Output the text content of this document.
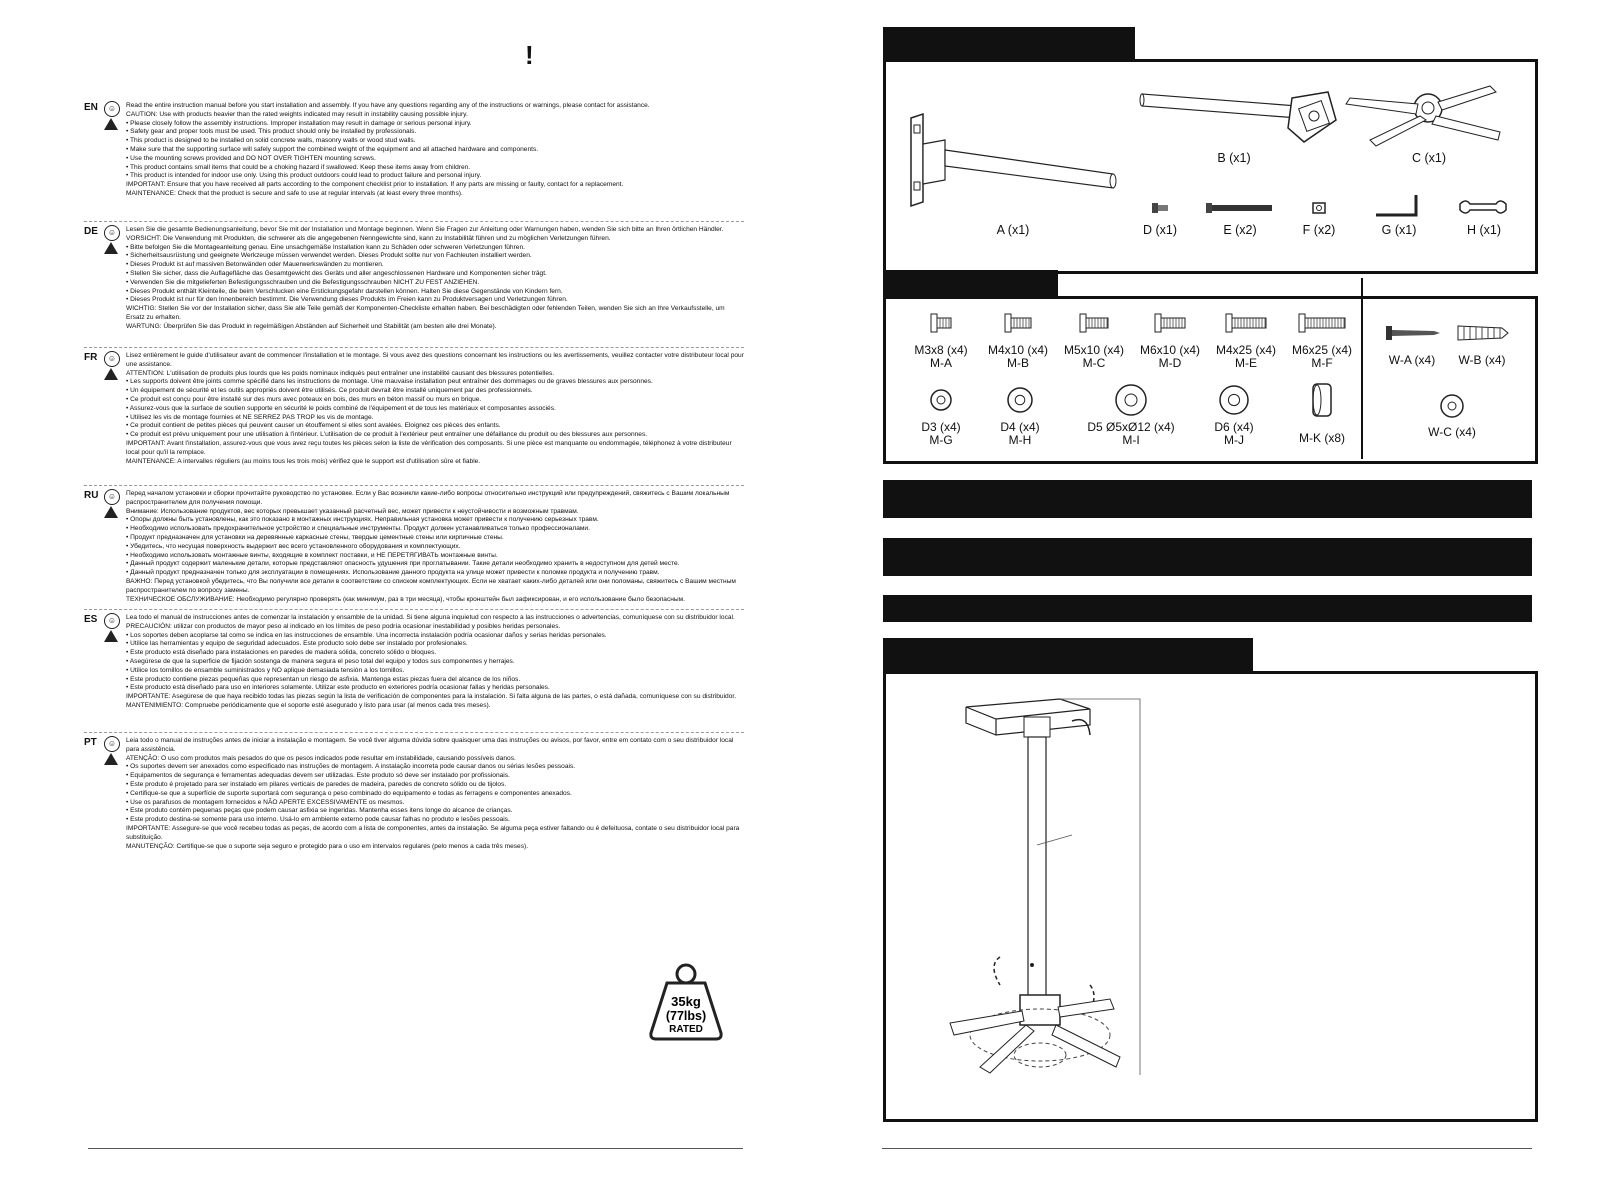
!
EN	☺	Read the entire instruction manual before you start installation and assembly. If you have any questions regarding any of the instructions or warnings, please contact for assistance.

CAUTION: Use with products heavier than the rated weights indicated may result in instability causing possible injury.

• Please closely follow the assembly instructions. Improper installation may result in damage or serious personal injury.

• Safety gear and proper tools must be used. This product should only be installed by professionals.

• This product is designed to be installed on solid concrete walls, masonry walls or wood stud walls.

• Make sure that the supporting surface will safely support the combined weight of the equipment and all attached hardware and components.

• Use the mounting screws provided and DO NOT OVER TIGHTEN mounting screws.

• This product contains small items that could be a choking hazard if swallowed. Keep these items away from children.

• This product is intended for indoor use only. Using this product outdoors could lead to product failure and personal injury.

IMPORTANT: Ensure that you have received all parts according to the component checklist prior to installation. If any parts are missing or faulty, contact for a replacement.

MAINTENANCE: Check that the product is secure and safe to use at regular intervals (at least every three months).

DE	☺	Lesen Sie die gesamte Bedienungsanleitung, bevor Sie mit der Installation und Montage beginnen. Wenn Sie Fragen zur Anleitung oder Warnungen haben, wenden Sie sich bitte an Ihren örtlichen Händler.

VORSICHT: Die Verwendung mit Produkten, die schwerer als die angegebenen Nenngewichte sind, kann zu Instabilität führen und zu möglichen Verletzungen führen.

• Bitte befolgen Sie die Montageanleitung genau. Eine unsachgemäße Installation kann zu Schäden oder schweren Verletzungen führen.

• Sicherheitsausrüstung und geeignete Werkzeuge müssen verwendet werden. Dieses Produkt sollte nur von Fachleuten installiert werden.

• Dieses Produkt ist auf massiven Betonwänden oder Mauerwerkswänden zu montieren.

• Stellen Sie sicher, dass die Auflagefläche das Gesamtgewicht des Geräts und aller angeschlossenen Hardware und Komponenten sicher trägt.

• Verwenden Sie die mitgelieferten Befestigungsschrauben und die Befestigungsschrauben NICHT ZU FEST ANZIEHEN.

• Dieses Produkt enthält Kleinteile, die beim Verschlucken eine Erstickungsgefahr darstellen können. Halten Sie diese Gegenstände von Kindern fern.

• Dieses Produkt ist nur für den Innenbereich bestimmt. Die Verwendung dieses Produkts im Freien kann zu Produktversagen und Verletzungen führen.

WICHTIG: Stellen Sie vor der Installation sicher, dass Sie alle Teile gemäß der Komponenten-Checkliste erhalten haben. Bei beschädigten oder fehlenden Teilen, wenden Sie sich an Ihre Verkaufsstelle, um Ersatz zu erhalten.

WARTUNG: Überprüfen Sie das Produkt in regelmäßigen Abständen auf Sicherheit und Stabilität (am besten alle drei Monate).

FR	☺	Lisez entièrement le guide d'utilisateur avant de commencer l'installation et le montage. Si vous avez des questions concernant les instructions ou les avertissements, veuillez contacter votre distributeur local pour une assistance.

ATTENTION: L'utilisation de produits plus lourds que les poids nominaux indiqués peut entraîner une instabilité causant des blessures potentielles.

• Les supports doivent être joints comme spécifié dans les instructions de montage. Une mauvaise installation peut entraîner des dommages ou de graves blessures aux personnes.

• Un équipement de sécurité et les outils appropriés doivent être utilisés. Ce produit devrait être installé uniquement par des professionnels.

• Ce produit est conçu pour être installé sur des murs avec poteaux en bois, des murs en béton massif ou murs en brique.

• Assurez-vous que la surface de soutien supporte en sécurité le poids combiné de l'équipement et de tous les matériaux et composantes associés.

• Utilisez les vis de montage fournies et NE SERREZ PAS TROP les vis de montage.

• Ce produit contient de petites pièces qui peuvent causer un étouffement si elles sont avalées. Eloignez ces pièces des enfants.

• Ce produit est prévu uniquement pour une utilisation à l'intérieur. L'utilisation de ce produit à l'extérieur peut entraîner une défaillance du produit ou des blessures aux personnes.

IMPORTANT: Avant l'installation, assurez-vous que vous avez reçu toutes les pièces selon la liste de vérification des composants. Si une pièce est manquante ou endommagée, téléphonez à votre distributeur local pour qu'il la remplace.

MAINTENANCE: A intervalles réguliers (au moins tous les trois mois) vérifiez que le support est d'utilisation sûre et fiable.

RU	☺	Перед началом установки и сборки прочитайте руководство по установке. Если у Вас возникли какие-либо вопросы относительно инструкций или предупреждений, свяжитесь с Вашим локальным распространителем для получения помощи.

Внимание: Использование продуктов, вес которых превышает указанный расчетный вес, может привести к неустойчивости и возможным травмам.

• Опоры должны быть установлены, как это показано в монтажных инструкциях. Неправильная установка может привести к получению серьезных травм.

• Необходимо использовать предохранительное устройство и специальные инструменты. Продукт должен устанавливаться только профессионалами.

• Продукт предназначен для установки на деревянные каркасные стены, твердые цементные стены или кирпичные стены.

• Убедитесь, что несущая поверхность выдержит вес всего установленного оборудования и комплектующих.

• Необходимо использовать монтажные винты, входящие в комплект поставки, и НЕ ПЕРЕТЯГИВАТЬ монтажные винты.

• Данный продукт содержит маленькие детали, которые представляют опасность удушения при проглатывании. Такие детали необходимо хранить в недоступном для детей месте.

• Данный продукт предназначен только для эксплуатации в помещениях. Использование данного продукта на улице может привести к поломке продукта и получению травм.

ВАЖНО: Перед установкой убедитесь, что Вы получили все детали в соответствии со списком комплектующих. Если не хватает каких-либо деталей или они поломаны, свяжитесь с Вашим местным распространителем по вопросу замены.

ТЕХНИЧЕСКОЕ ОБСЛУЖИВАНИЕ: Необходимо регулярно проверять (как минимум, раз в три месяца), чтобы кронштейн был зафиксирован, и его использование было безопасным.

ES	☺	Lea todo el manual de instrucciones antes de comenzar la instalación y ensamble de la unidad. Si tiene alguna inquietud con respecto a las instrucciones o advertencias, comuníquese con su distribuidor local.

PRECAUCIÓN: utilizar con productos de mayor peso al indicado en los límites de peso podría ocasionar inestabilidad y posibles heridas personales.

• Los soportes deben acoplarse tal como se indica en las instrucciones de ensamble. Una incorrecta instalación podría ocasionar daños y serias heridas personales.

• Utilice las herramientas y equipo de seguridad adecuados. Este producto solo debe ser instalado por profesionales.

• Este producto está diseñado para instalaciones en paredes de madera sólida, concreto sólido o bloques.

• Asegúrese de que la superficie de fijación sostenga de manera segura el peso total del equipo y todos sus componentes y herrajes.

• Utilice los tornillos de ensamble suministrados y NO aplique demasiada tensión a los tornillos.

• Este producto contiene piezas pequeñas que representan un riesgo de asfixia. Mantenga estas piezas fuera del alcance de los niños.

• Este producto está diseñado para uso en interiores solamente. Utilizar este producto en exteriores podría ocasionar fallas y heridas personales.

IMPORTANTE: Asegúrese de que haya recibido todas las piezas según la lista de verificación de componentes para la instalación. Si falta alguna de las partes, o está dañada, comuníquese con su distribuidor.

MANTENIMIENTO: Compruebe periódicamente que el soporte esté asegurado y listo para usar (al menos cada tres meses).

PT	☺	Leia todo o manual de instruções antes de iniciar a instalação e montagem. Se você tiver alguma dúvida sobre quaisquer uma das instruções ou avisos, por favor, entre em contato com o seu distribuidor local para assistência.

ATENÇÃO: O uso com produtos mais pesados do que os pesos indicados pode resultar em instabilidade, causando possíveis danos.

• Os suportes devem ser anexados como especificado nas instruções de montagem. A instalação incorreta pode causar danos ou sérias lesões pessoais.

• Equipamentos de segurança e ferramentas adequadas devem ser utilizadas. Este produto só deve ser instalado por profissionais.

• Este produto é projetado para ser instalado em pilares verticais de paredes de madeira, paredes de concreto sólido ou de tijolos.

• Certifique-se que a superfície de suporte suportará com segurança o peso combinado do equipamento e todas as ferragens e componentes anexados.

• Use os parafusos de montagem fornecidos e NÃO APERTE EXCESSIVAMENTE os mesmos.

• Este produto contém pequenas peças que podem causar asfixia se ingeridas. Mantenha esses itens longe do alcance de crianças.

• Este produto destina-se somente para uso interno. Usá-lo em ambiente externo pode causar falhas no produto e lesões pessoais.

IMPORTANTE: Assegure-se que você recebeu todas as peças, de acordo com a lista de componentes, antes da instalação. Se alguma peça estiver faltando ou é defeituosa, contate o seu distribuidor local para substituição.

MANUTENÇÃO: Certifique-se que o suporte seja seguro e protegido para o uso em intervalos regulares (pelo menos a cada três meses).

35kg
(77lbs)
RATED
A (x1)
B (x1)	C (x1)
D (x1)	E (x2)	F (x2)	G (x1)	H (x1)
M3x8 (x4)
M-A
M4x10 (x4)
M-B
M5x10 (x4)
M-C
M6x10 (x4)
M-D
M4x25 (x4)
M-E
M6x25 (x4)
M-F
D3 (x4)
M-G
D4 (x4)
M-H
D5 Ø5xØ12 (x4)
M-I
D6 (x4)
M-J	M-K (x8)
W-A (x4) W-B (x4)
W-C (x4)
